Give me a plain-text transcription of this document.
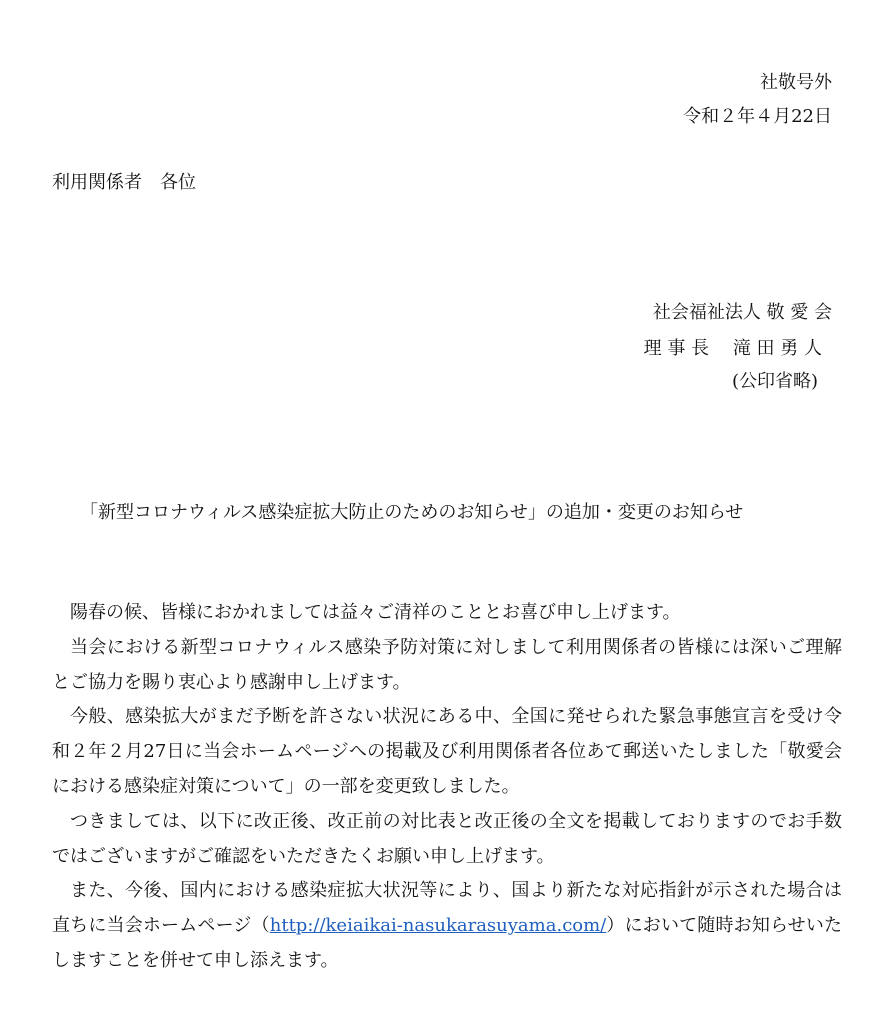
社敬号外
令和２年４月22日
利用関係者　各位
社会福祉法人 敬 愛 会
理 事 長　 滝 田 勇 人
(公印省略)
「新型コロナウィルス感染症拡大防止のためのお知らせ」の追加・変更のお知らせ

陽春の候、皆様におかれましては益々ご清祥のこととお喜び申し上げます。

当会における新型コロナウィルス感染予防対策に対しまして利用関係者の皆様には深いご理解とご協力を賜り衷心より感謝申し上げます。

今般、感染拡大がまだ予断を許さない状況にある中、全国に発せられた緊急事態宣言を受け令和２年２月27日に当会ホームページへの掲載及び利用関係者各位あて郵送いたしました「敬愛会における感染症対策について」の一部を変更致しました。

つきましては、以下に改正後、改正前の対比表と改正後の全文を掲載しておりますのでお手数ではございますがご確認をいただきたくお願い申し上げます。

また、今後、国内における感染症拡大状況等により、国より新たな対応指針が示された場合は直ちに当会ホームページ（http://keiaikai-nasukarasuyama.com/）において随時お知らせいたしますことを併せて申し添えます。
